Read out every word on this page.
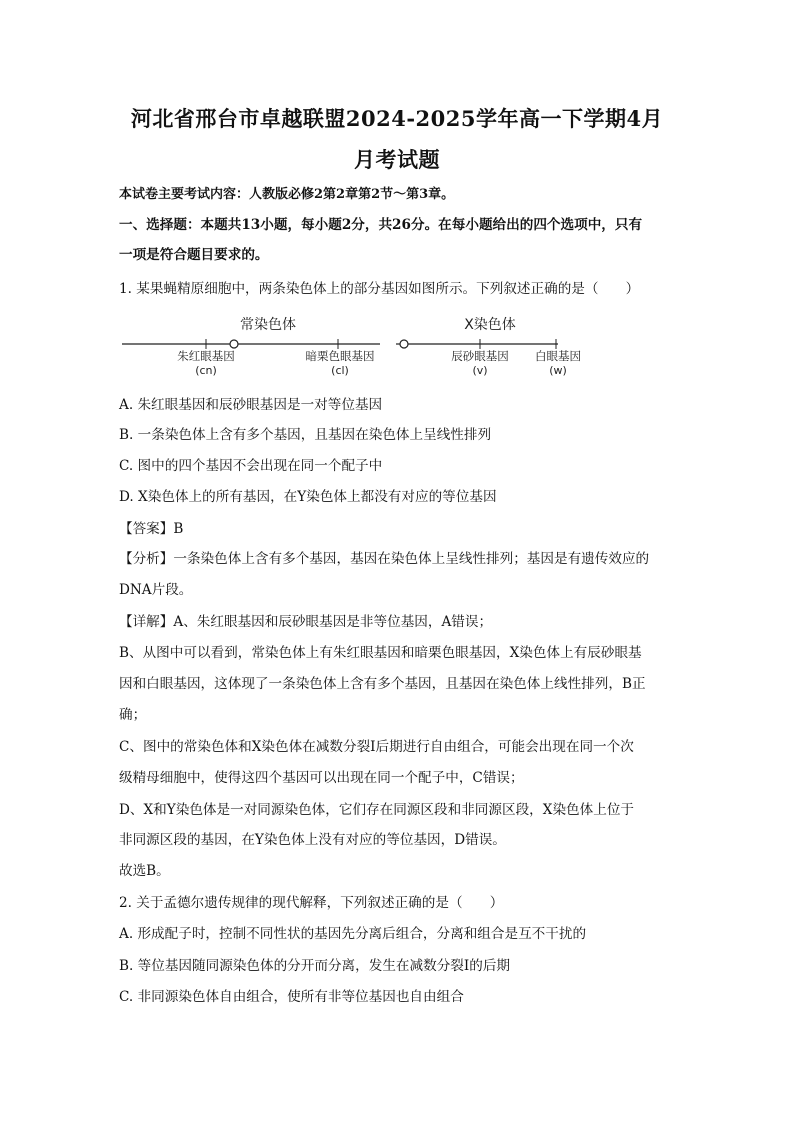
河北省邢台市卓越联盟2024-2025学年高一下学期4月
月考试题
本试卷主要考试内容：人教版必修2第2章第2节～第3章。
一、选择题：本题共13小题，每小题2分，共26分。在每小题给出的四个选项中，只有
一项是符合题目要求的。
1. 某果蝇精原细胞中，两条染色体上的部分基因如图所示。下列叙述正确的是（　　）
常染色体	X染色体
朱红眼基因
(cn)
暗栗色眼基因
(cl)
辰砂眼基因
(v)
白眼基因
(w)
A. 朱红眼基因和辰砂眼基因是一对等位基因
B. 一条染色体上含有多个基因，且基因在染色体上呈线性排列
C. 图中的四个基因不会出现在同一个配子中
D. X染色体上的所有基因，在Y染色体上都没有对应的等位基因
【答案】B
【分析】一条染色体上含有多个基因，基因在染色体上呈线性排列；基因是有遗传效应的
DNA片段。
【详解】A、朱红眼基因和辰砂眼基因是非等位基因，A错误；
B、从图中可以看到，常染色体上有朱红眼基因和暗栗色眼基因，X染色体上有辰砂眼基
因和白眼基因，这体现了一条染色体上含有多个基因，且基因在染色体上线性排列，B正
确；
C、图中的常染色体和X染色体在减数分裂Ⅰ后期进行自由组合，可能会出现在同一个次
级精母细胞中，使得这四个基因可以出现在同一个配子中，C错误；
D、X和Y染色体是一对同源染色体，它们存在同源区段和非同源区段，X染色体上位于
非同源区段的基因，在Y染色体上没有对应的等位基因，D错误。
故选B。
2. 关于孟德尔遗传规律的现代解释，下列叙述正确的是（　　）
A. 形成配子时，控制不同性状的基因先分离后组合，分离和组合是互不干扰的
B. 等位基因随同源染色体的分开而分离，发生在减数分裂Ⅰ的后期
C. 非同源染色体自由组合，使所有非等位基因也自由组合
